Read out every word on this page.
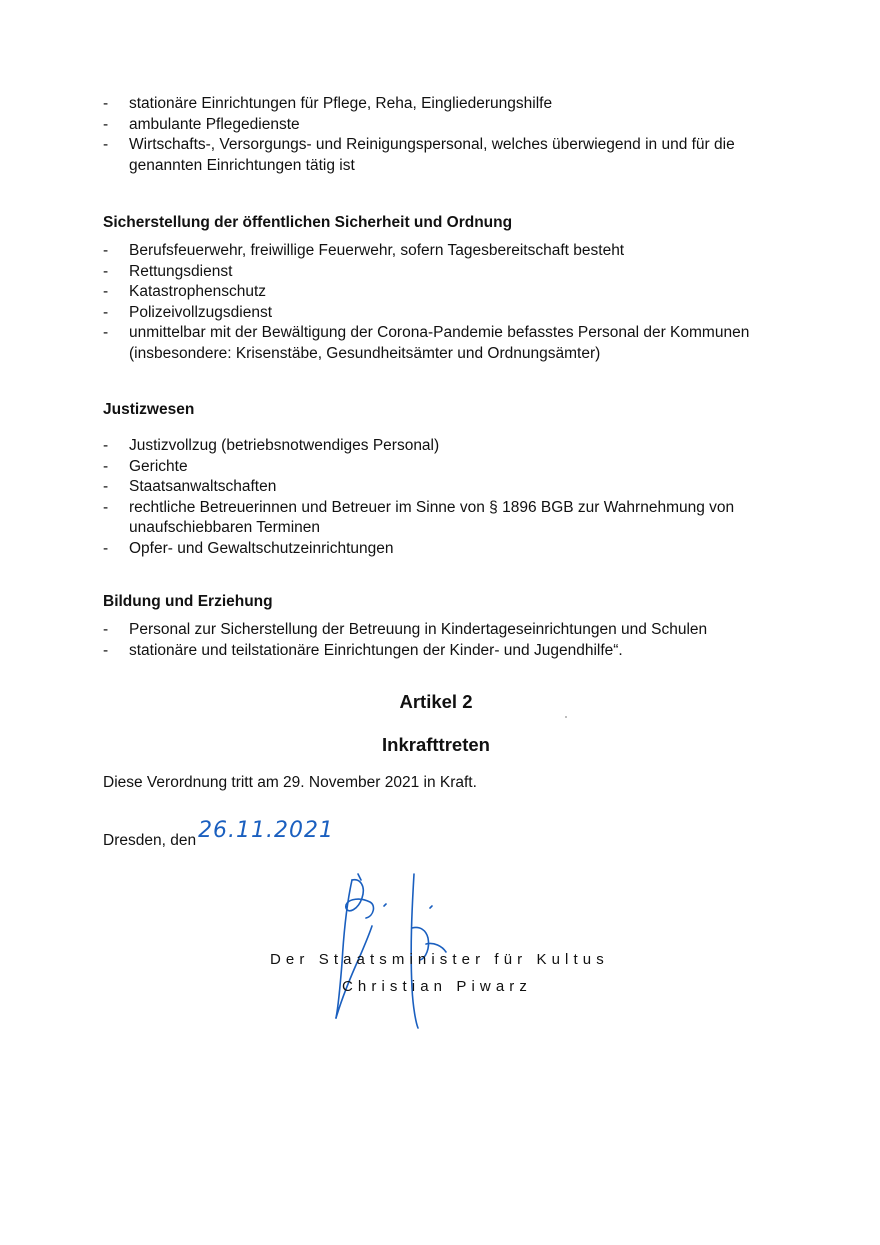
- stationäre Einrichtungen für Pflege, Reha, Eingliederungshilfe
- ambulante Pflegedienste
- Wirtschafts-, Versorgungs- und Reinigungspersonal, welches überwiegend in und für die genannten Einrichtungen tätig ist
Sicherstellung der öffentlichen Sicherheit und Ordnung
- Berufsfeuerwehr, freiwillige Feuerwehr, sofern Tagesbereitschaft besteht
- Rettungsdienst
- Katastrophenschutz
- Polizeivollzugsdienst
- unmittelbar mit der Bewältigung der Corona-Pandemie befasstes Personal der Kommunen (insbesondere: Krisenstäbe, Gesundheitsämter und Ordnungsämter)
Justizwesen
- Justizvollzug (betriebsnotwendiges Personal)
- Gerichte
- Staatsanwaltschaften
- rechtliche Betreuerinnen und Betreuer im Sinne von § 1896 BGB zur Wahrnehmung von unaufschiebbaren Terminen
- Opfer- und Gewaltschutzeinrichtungen
Bildung und Erziehung
- Personal zur Sicherstellung der Betreuung in Kindertageseinrichtungen und Schulen
- stationäre und teilstationäre Einrichtungen der Kinder- und Jugendhilfe“.
Artikel 2
Inkrafttreten
Diese Verordnung tritt am 29. November 2021 in Kraft.
Dresden, den26.11.2021
Der Staatsminister für Kultus
Christian Piwarz
